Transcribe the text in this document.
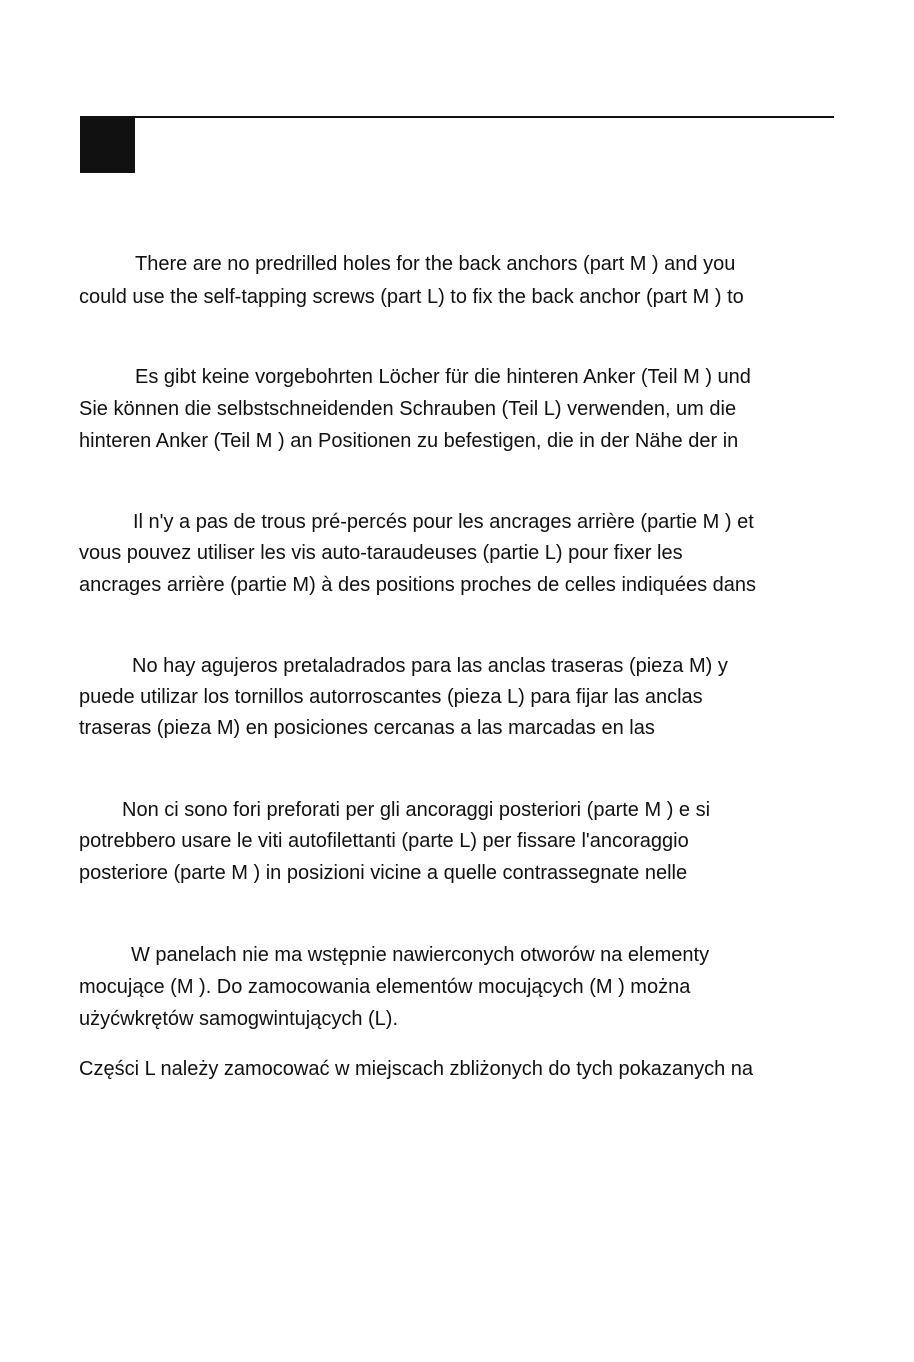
There are no predrilled holes for the back anchors (part M ) and you
could use the self-tapping screws (part L) to fix the back anchor (part M ) to
Es gibt keine vorgebohrten Löcher für die hinteren Anker (Teil M ) und
Sie können die selbstschneidenden Schrauben (Teil L) verwenden, um die
hinteren Anker (Teil M ) an Positionen zu befestigen, die in der Nähe der in
Il n'y a pas de trous pré-percés pour les ancrages arrière (partie M ) et
vous pouvez utiliser les vis auto-taraudeuses (partie L) pour fixer les
ancrages arrière (partie M) à des positions proches de celles indiquées dans
No hay agujeros pretaladrados para las anclas traseras (pieza M) y
puede utilizar los tornillos autorroscantes (pieza L) para fijar las anclas
traseras (pieza M) en posiciones cercanas a las marcadas en las
Non ci sono fori preforati per gli ancoraggi posteriori (parte M ) e si
potrebbero usare le viti autofilettanti (parte L) per fissare l'ancoraggio
posteriore (parte M ) in posizioni vicine a quelle contrassegnate nelle
W panelach nie ma wstępnie nawierconych otworów na elementy
mocujące (M ). Do zamocowania elementów mocujących (M ) można
użyćwkrętów samogwintujących (L).
Części L należy zamocować w miejscach zbliżonych do tych pokazanych na
